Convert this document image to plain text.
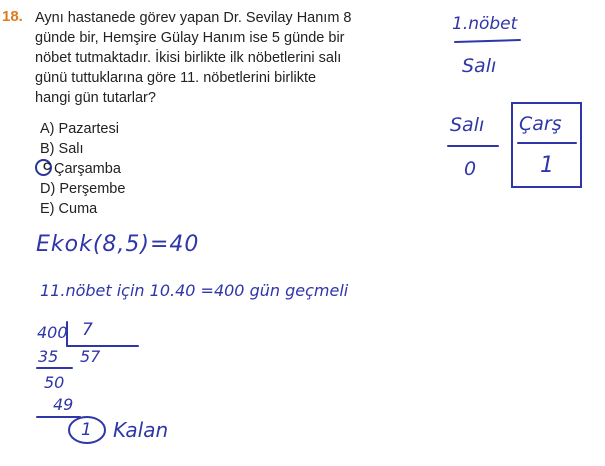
18. Aynı hastanede görev yapan Dr. Sevilay Hanım 8
günde bir, Hemşire Gülay Hanım ise 5 günde bir
nöbet tutmaktadır. İkisi birlikte ilk nöbetlerini salı
günü tuttuklarına göre 11. nöbetlerini birlikte
hangi gün tutarlar?
A) Pazartesi
B) Salı
Çarşamba
D) Perşembe
E) Cuma
C
1.nöbet
Salı
Salı
0
Çarş
1
Ekok(8,5)=40
11.nöbet için 10.40 =400 gün geçmeli
400 7
57
35
50
49
1 Kalan
